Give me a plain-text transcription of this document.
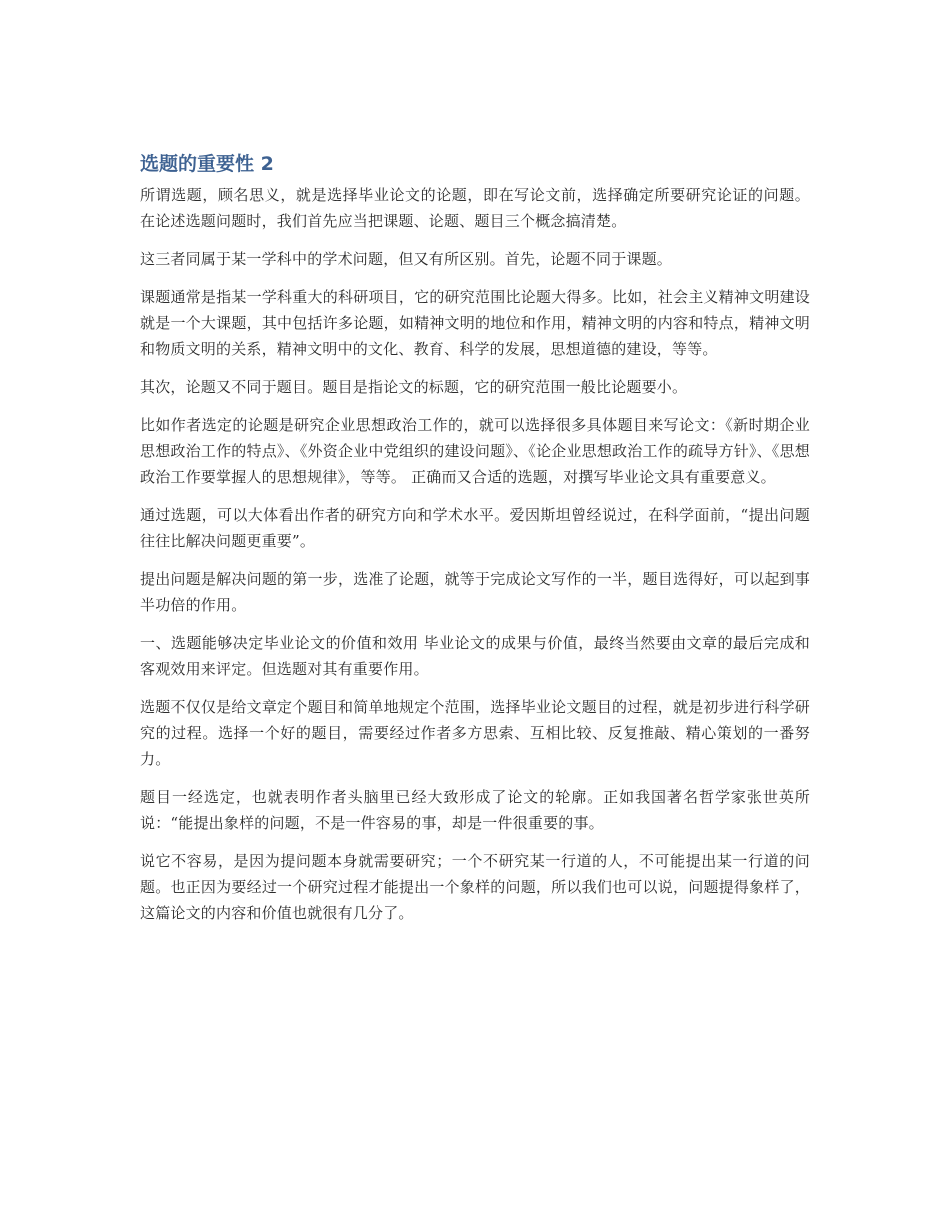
选题的重要性 2

所谓选题，顾名思义，就是选择毕业论文的论题，即在写论文前，选择确定所要研究论证的问题。 在论述选题问题时，我们首先应当把课题、论题、题目三个概念搞清楚。

这三者同属于某一学科中的学术问题，但又有所区别。首先，论题不同于课题。

课题通常是指某一学科重大的科研项目，它的研究范围比论题大得多。比如，社会主义精神文明建设就是一个大课题，其中包括许多论题，如精神文明的地位和作用，精神文明的内容和特点，精神文明和物质文明的关系，精神文明中的文化、教育、科学的发展，思想道德的建设，等等。

其次，论题又不同于题目。题目是指论文的标题，它的研究范围一般比论题要小。

比如作者选定的论题是研究企业思想政治工作的，就可以选择很多具体题目来写论文：《新时期企业思想政治工作的特点》、《外资企业中党组织的建设问题》、《论企业思想政治工作的疏导方针》、《思想政治工作要掌握人的思想规律》，等等。 正确而又合适的选题，对撰写毕业论文具有重要意义。

通过选题，可以大体看出作者的研究方向和学术水平。爱因斯坦曾经说过，在科学面前，“提出问题往往比解决问题更重要”。

提出问题是解决问题的第一步，选准了论题，就等于完成论文写作的一半，题目选得好，可以起到事半功倍的作用。

一、选题能够决定毕业论文的价值和效用 毕业论文的成果与价值，最终当然要由文章的最后完成和客观效用来评定。但选题对其有重要作用。

选题不仅仅是给文章定个题目和简单地规定个范围，选择毕业论文题目的过程，就是初步进行科学研究的过程。选择一个好的题目，需要经过作者多方思索、互相比较、反复推敲、精心策划的一番努力。

题目一经选定，也就表明作者头脑里已经大致形成了论文的轮廓。正如我国著名哲学家张世英所说：“能提出象样的问题，不是一件容易的事，却是一件很重要的事。

说它不容易，是因为提问题本身就需要研究；一个不研究某一行道的人，不可能提出某一行道的问题。也正因为要经过一个研究过程才能提出一个象样的问题，所以我们也可以说，问题提得象样了，这篇论文的内容和价值也就很有几分了。
